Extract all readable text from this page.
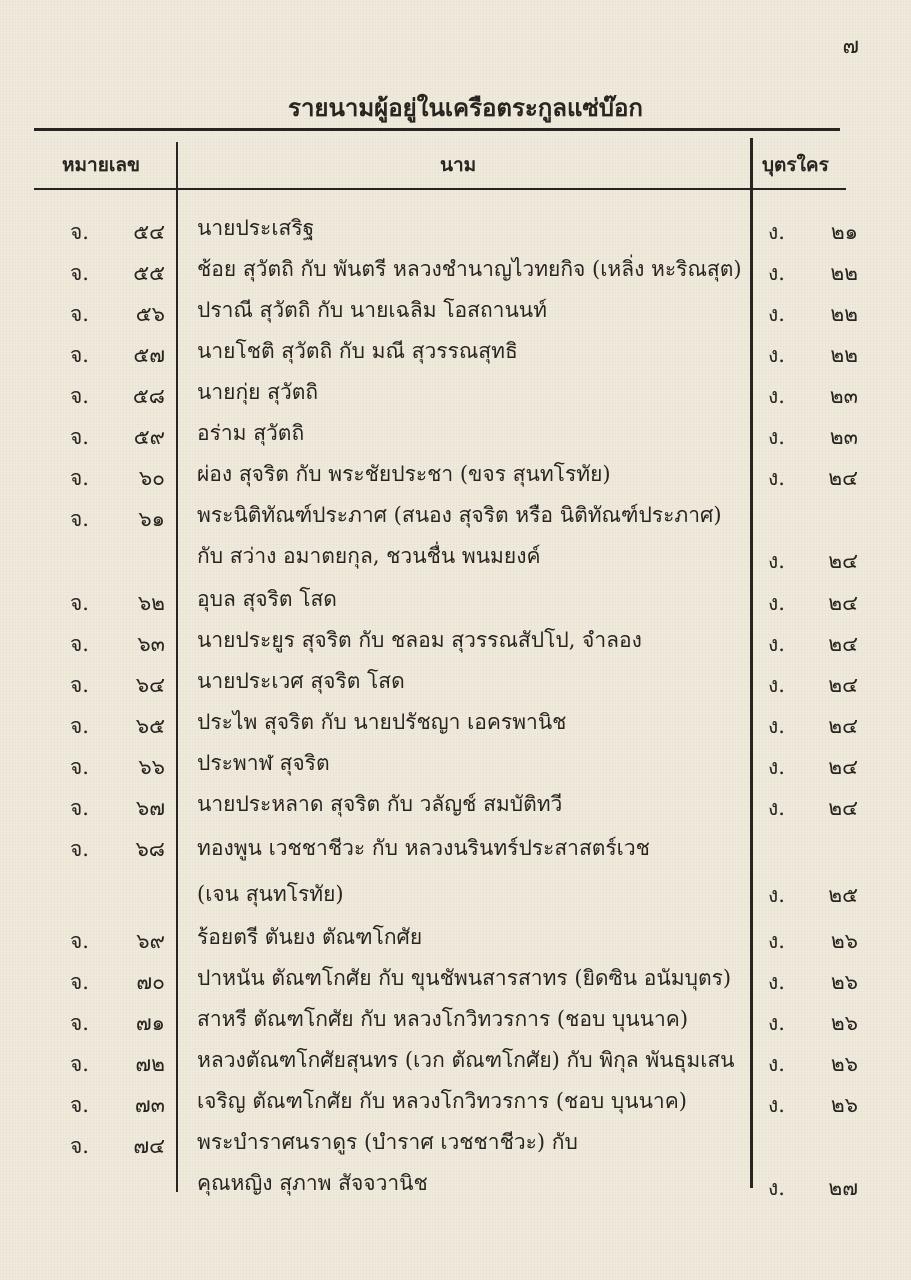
๗
รายนามผู้อยู่ในเครือตระกูลแซ่บ๊อก
หมายเลข	นาม	บุตรใคร
จ.	๕๔ นายประเสริฐ	ง.	๒๑
จ.	๕๕ ช้อย สุวัตถิ กับ พันตรี หลวงชำนาญไวทยกิจ (เหลิ่ง หะริณสุต) ง.	๒๒
จ.	๕๖ ปราณี สุวัตถิ กับ นายเฉลิม โอสถานนท์	ง.	๒๒
จ.	๕๗ นายโชติ สุวัตถิ กับ มณี สุวรรณสุทธิ	ง.	๒๒
จ.	๕๘ นายกุ่ย สุวัตถิ	ง.	๒๓
จ.	๕๙ อร่าม สุวัตถิ	ง.	๒๓
จ.	๖๐ ผ่อง สุจริต กับ พระชัยประชา (ขจร สุนทโรทัย)	ง.	๒๔
จ.	๖๑ พระนิติทัณฑ์ประภาศ (สนอง สุจริต หรือ นิติทัณฑ์ประภาศ)
กับ สว่าง อมาตยกุล, ชวนชื่น พนมยงค์	ง.	๒๔
จ.	๖๒ อุบล สุจริต โสด	ง.	๒๔
จ.	๖๓ นายประยูร สุจริต กับ ชลอม สุวรรณสัปโป, จำลอง	ง.	๒๔
จ.	๖๔ นายประเวศ สุจริต โสด	ง.	๒๔
จ.	๖๕ ประไพ สุจริต กับ นายปรัชญา เอครพานิช	ง.	๒๔
จ.	๖๖ ประพาฬ สุจริต	ง.	๒๔
จ.	๖๗ นายประหลาด สุจริต กับ วลัญช์ สมบัติทวี	ง.	๒๔
จ.	๖๘ ทองพูน เวชชาชีวะ กับ หลวงนรินทร์ประสาสตร์เวช
(เจน สุนทโรทัย)	ง.	๒๕
จ.	๖๙ ร้อยตรี ตันยง ตัณฑโกศัย	ง.	๒๖
จ.	๗๐ ปาหนัน ตัณฑโกศัย กับ ขุนชัพนสารสาทร (ยิดซิน อนัมบุตร)	ง.	๒๖
จ.	๗๑ สาหรี ตัณฑโกศัย กับ หลวงโกวิทวรการ (ชอบ บุนนาค)	ง.	๒๖
จ.	๗๒ หลวงตัณฑโกศัยสุนทร (เวก ตัณฑโกศัย) กับ พิกุล พันธุมเสน	ง.	๒๖
จ.	๗๓ เจริญ ตัณฑโกศัย กับ หลวงโกวิทวรการ (ชอบ บุนนาค)	ง.	๒๖
จ.	๗๔ พระบำราศนราดูร (บำราศ เวชชาชีวะ) กับ
คุณหญิง สุภาพ สัจจวานิช	ง.	๒๗
